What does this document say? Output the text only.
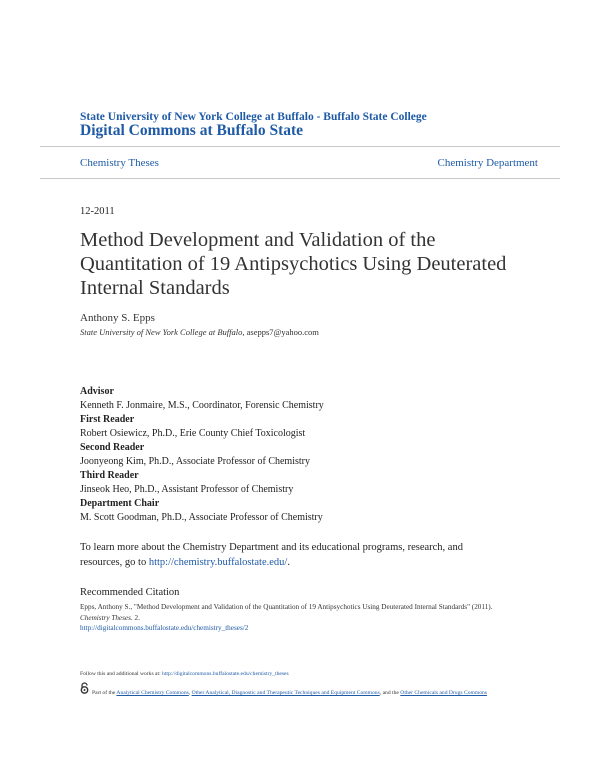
State University of New York College at Buffalo - Buffalo State College
Digital Commons at Buffalo State
Chemistry Theses	Chemistry Department
12-2011
Method Development and Validation of the Quantitation of 19 Antipsychotics Using Deuterated Internal Standards
Anthony S. Epps
State University of New York College at Buffalo, asepps7@yahoo.com
Advisor
Kenneth F. Jonmaire, M.S., Coordinator, Forensic Chemistry
First Reader
Robert Osiewicz, Ph.D., Erie County Chief Toxicologist
Second Reader
Joonyeong Kim, Ph.D., Associate Professor of Chemistry
Third Reader
Jinseok Heo, Ph.D., Assistant Professor of Chemistry
Department Chair
M. Scott Goodman, Ph.D., Associate Professor of Chemistry
To learn more about the Chemistry Department and its educational programs, research, and resources, go to http://chemistry.buffalostate.edu/.
Recommended Citation
Epps, Anthony S., "Method Development and Validation of the Quantitation of 19 Antipsychotics Using Deuterated Internal Standards" (2011). Chemistry Theses. 2.
http://digitalcommons.buffalostate.edu/chemistry_theses/2
Follow this and additional works at: http://digitalcommons.buffalostate.edu/chemistry_theses
Part of the Analytical Chemistry Commons, Other Analytical, Diagnostic and Therapeutic Techniques and Equipment Commons, and the Other Chemicals and Drugs Commons
